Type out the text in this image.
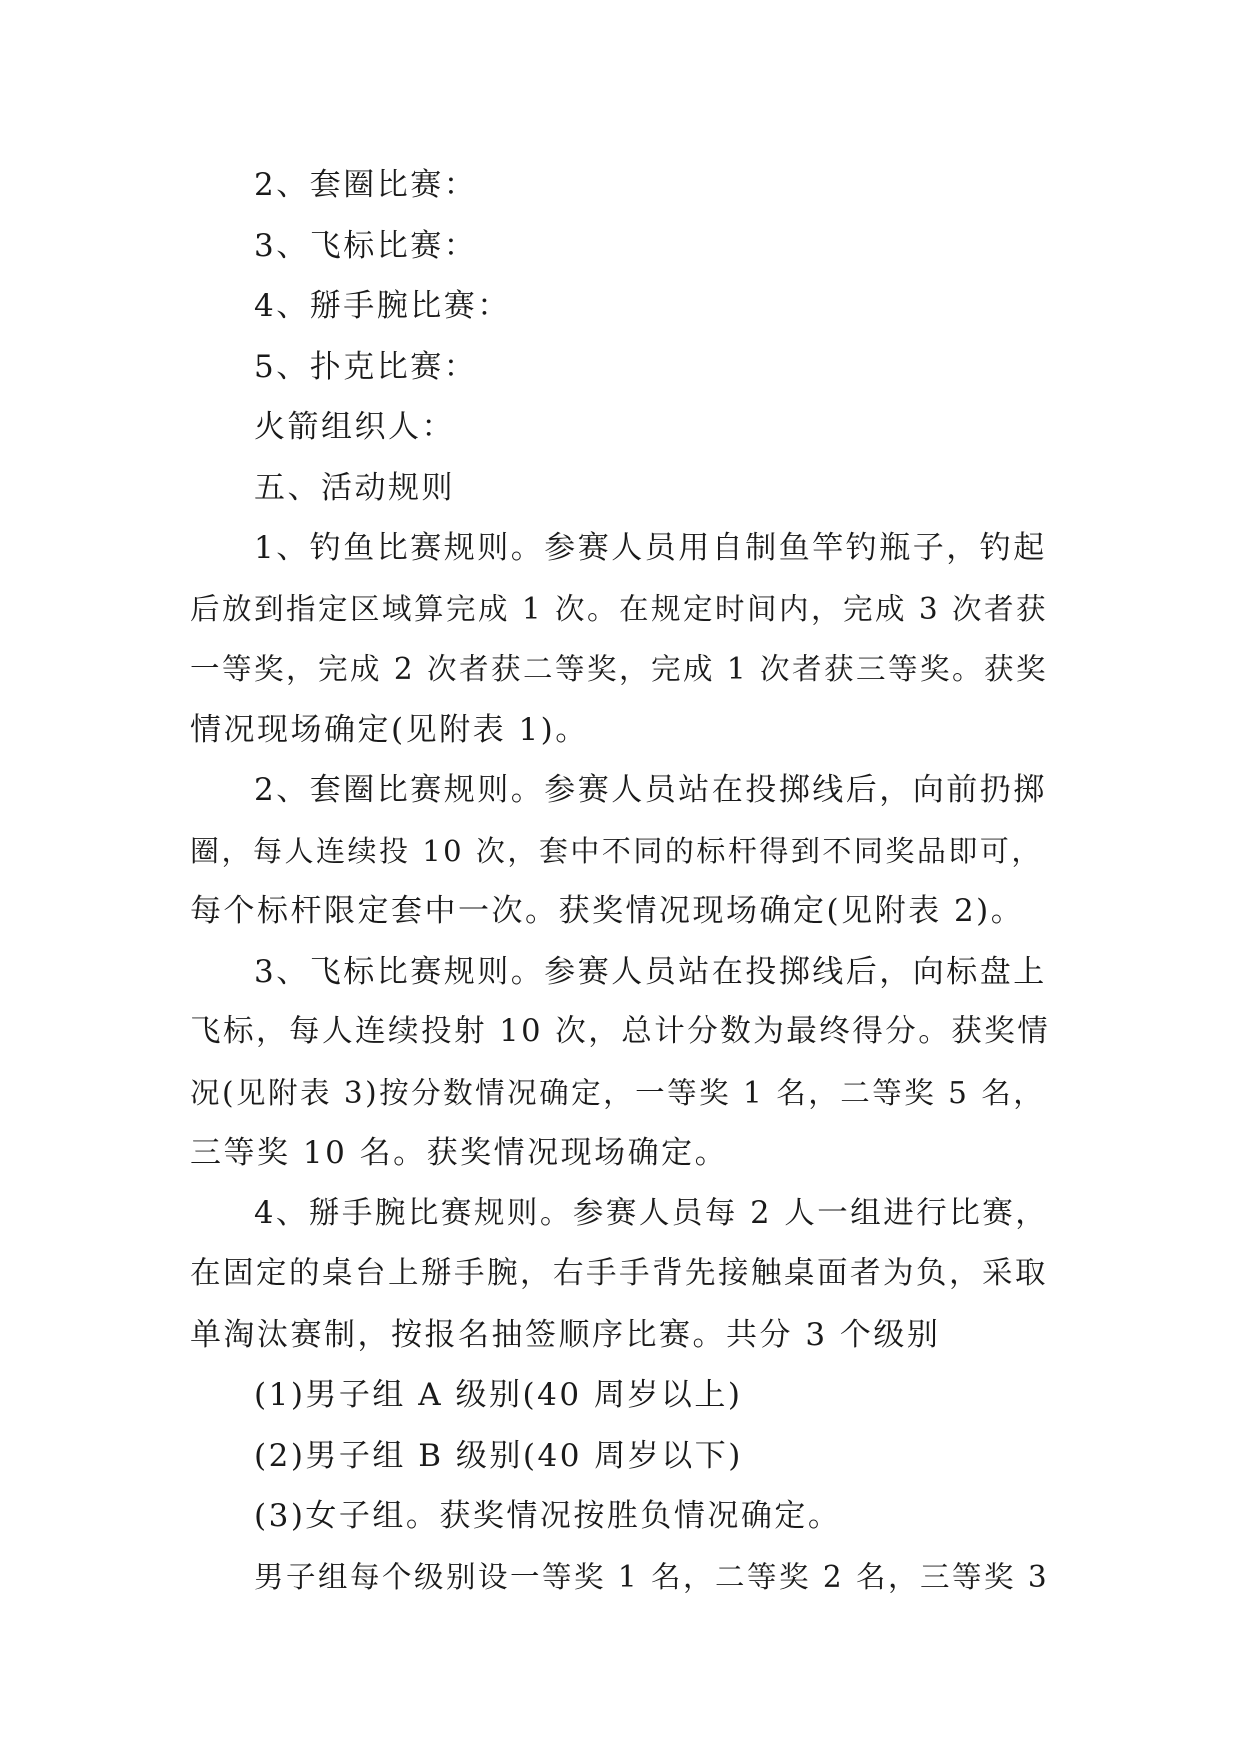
2、套圈比赛：
3、飞标比赛：
4、掰手腕比赛：
5、扑克比赛：
火箭组织人：
五、活动规则
1、钓鱼比赛规则。参赛人员用自制鱼竿钓瓶子，钓起
后放到指定区域算完成 1 次。在规定时间内，完成 3 次者获
一等奖，完成 2 次者获二等奖，完成 1 次者获三等奖。获奖
情况现场确定(见附表 1)。
2、套圈比赛规则。参赛人员站在投掷线后，向前扔掷
圈，每人连续投 10 次，套中不同的标杆得到不同奖品即可，
每个标杆限定套中一次。获奖情况现场确定(见附表 2)。
3、飞标比赛规则。参赛人员站在投掷线后，向标盘上
飞标，每人连续投射 10 次，总计分数为最终得分。获奖情
况(见附表 3)按分数情况确定，一等奖 1 名，二等奖 5 名，
三等奖 10 名。获奖情况现场确定。
4、掰手腕比赛规则。参赛人员每 2 人一组进行比赛，
在固定的桌台上掰手腕，右手手背先接触桌面者为负，采取
单淘汰赛制，按报名抽签顺序比赛。共分 3 个级别
(1)男子组 A 级别(40 周岁以上)
(2)男子组 B 级别(40 周岁以下)
(3)女子组。获奖情况按胜负情况确定。
男子组每个级别设一等奖 1 名，二等奖 2 名，三等奖 3
